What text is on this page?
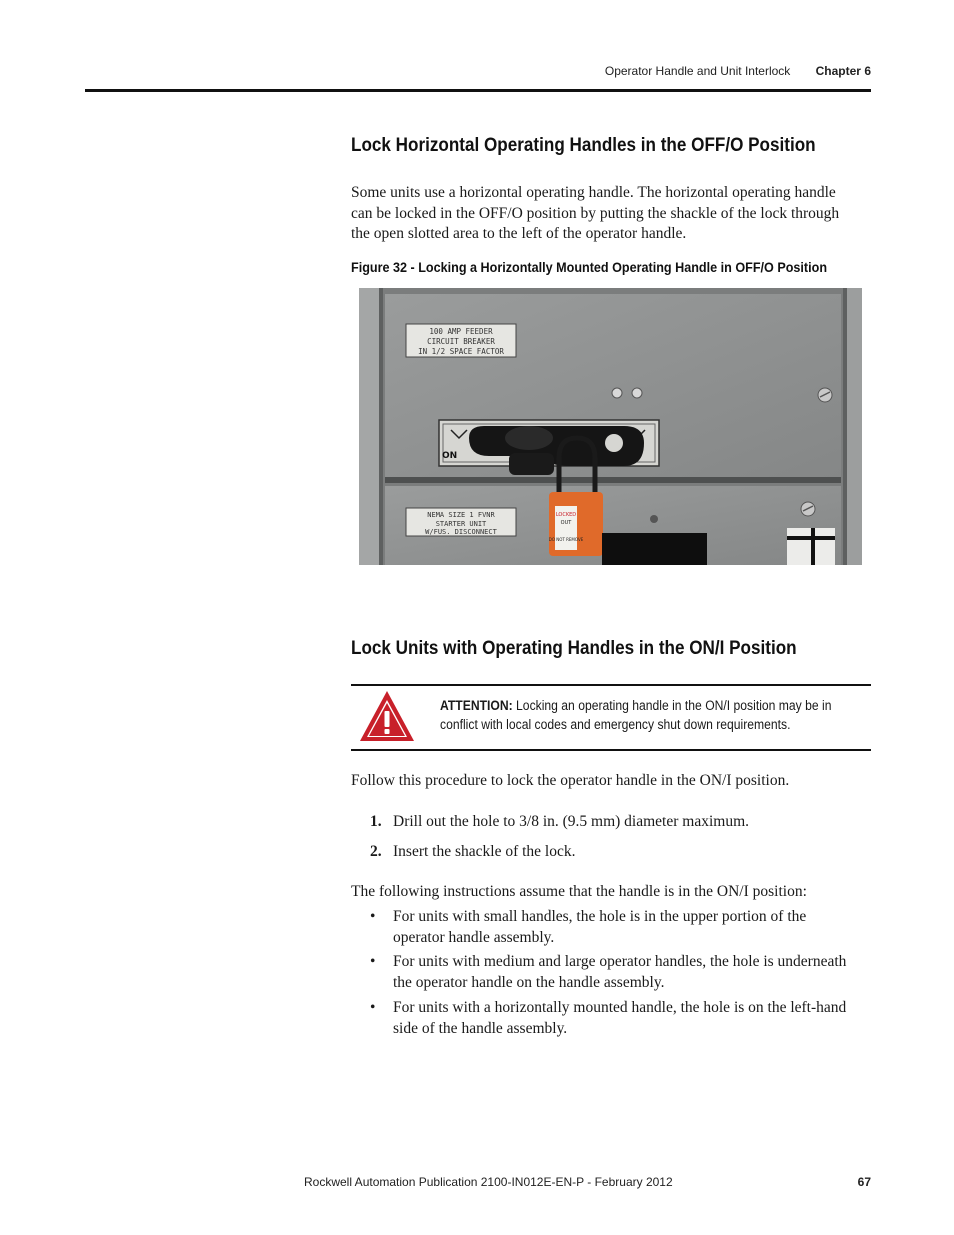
Operator Handle and Unit Interlock Chapter 6
Lock Horizontal Operating Handles in the OFF/O Position
Some units use a horizontal operating handle. The horizontal operating handle
can be locked in the OFF/O position by putting the shackle of the lock through
the open slotted area to the left of the operator handle.
Figure 32 - Locking a Horizontally Mounted Operating Handle in OFF/O Position
100 AMP FEEDER
CIRCUIT BREAKER
IN 1/2 SPACE FACTOR
ON
LOCKED
OUT
DO NOT REMOVE
NEMA SIZE 1 FVNR
STARTER UNIT
W/FUS. DISCONNECT
Lock Units with Operating Handles in the ON/I Position
ATTENTION: Locking an operating handle in the ON/I position may be in
conflict with local codes and emergency shut down requirements.
Follow this procedure to lock the operator handle in the ON/I position.
1. Drill out the hole to 3/8 in. (9.5 mm) diameter maximum.
2. Insert the shackle of the lock.
The following instructions assume that the handle is in the ON/I position:
• For units with small handles, the hole is in the upper portion of the
operator handle assembly.
• For units with medium and large operator handles, the hole is underneath
the operator handle on the handle assembly.
• For units with a horizontally mounted handle, the hole is on the left-hand
side of the handle assembly.
Rockwell Automation Publication 2100-IN012E-EN-P - February 2012	67
